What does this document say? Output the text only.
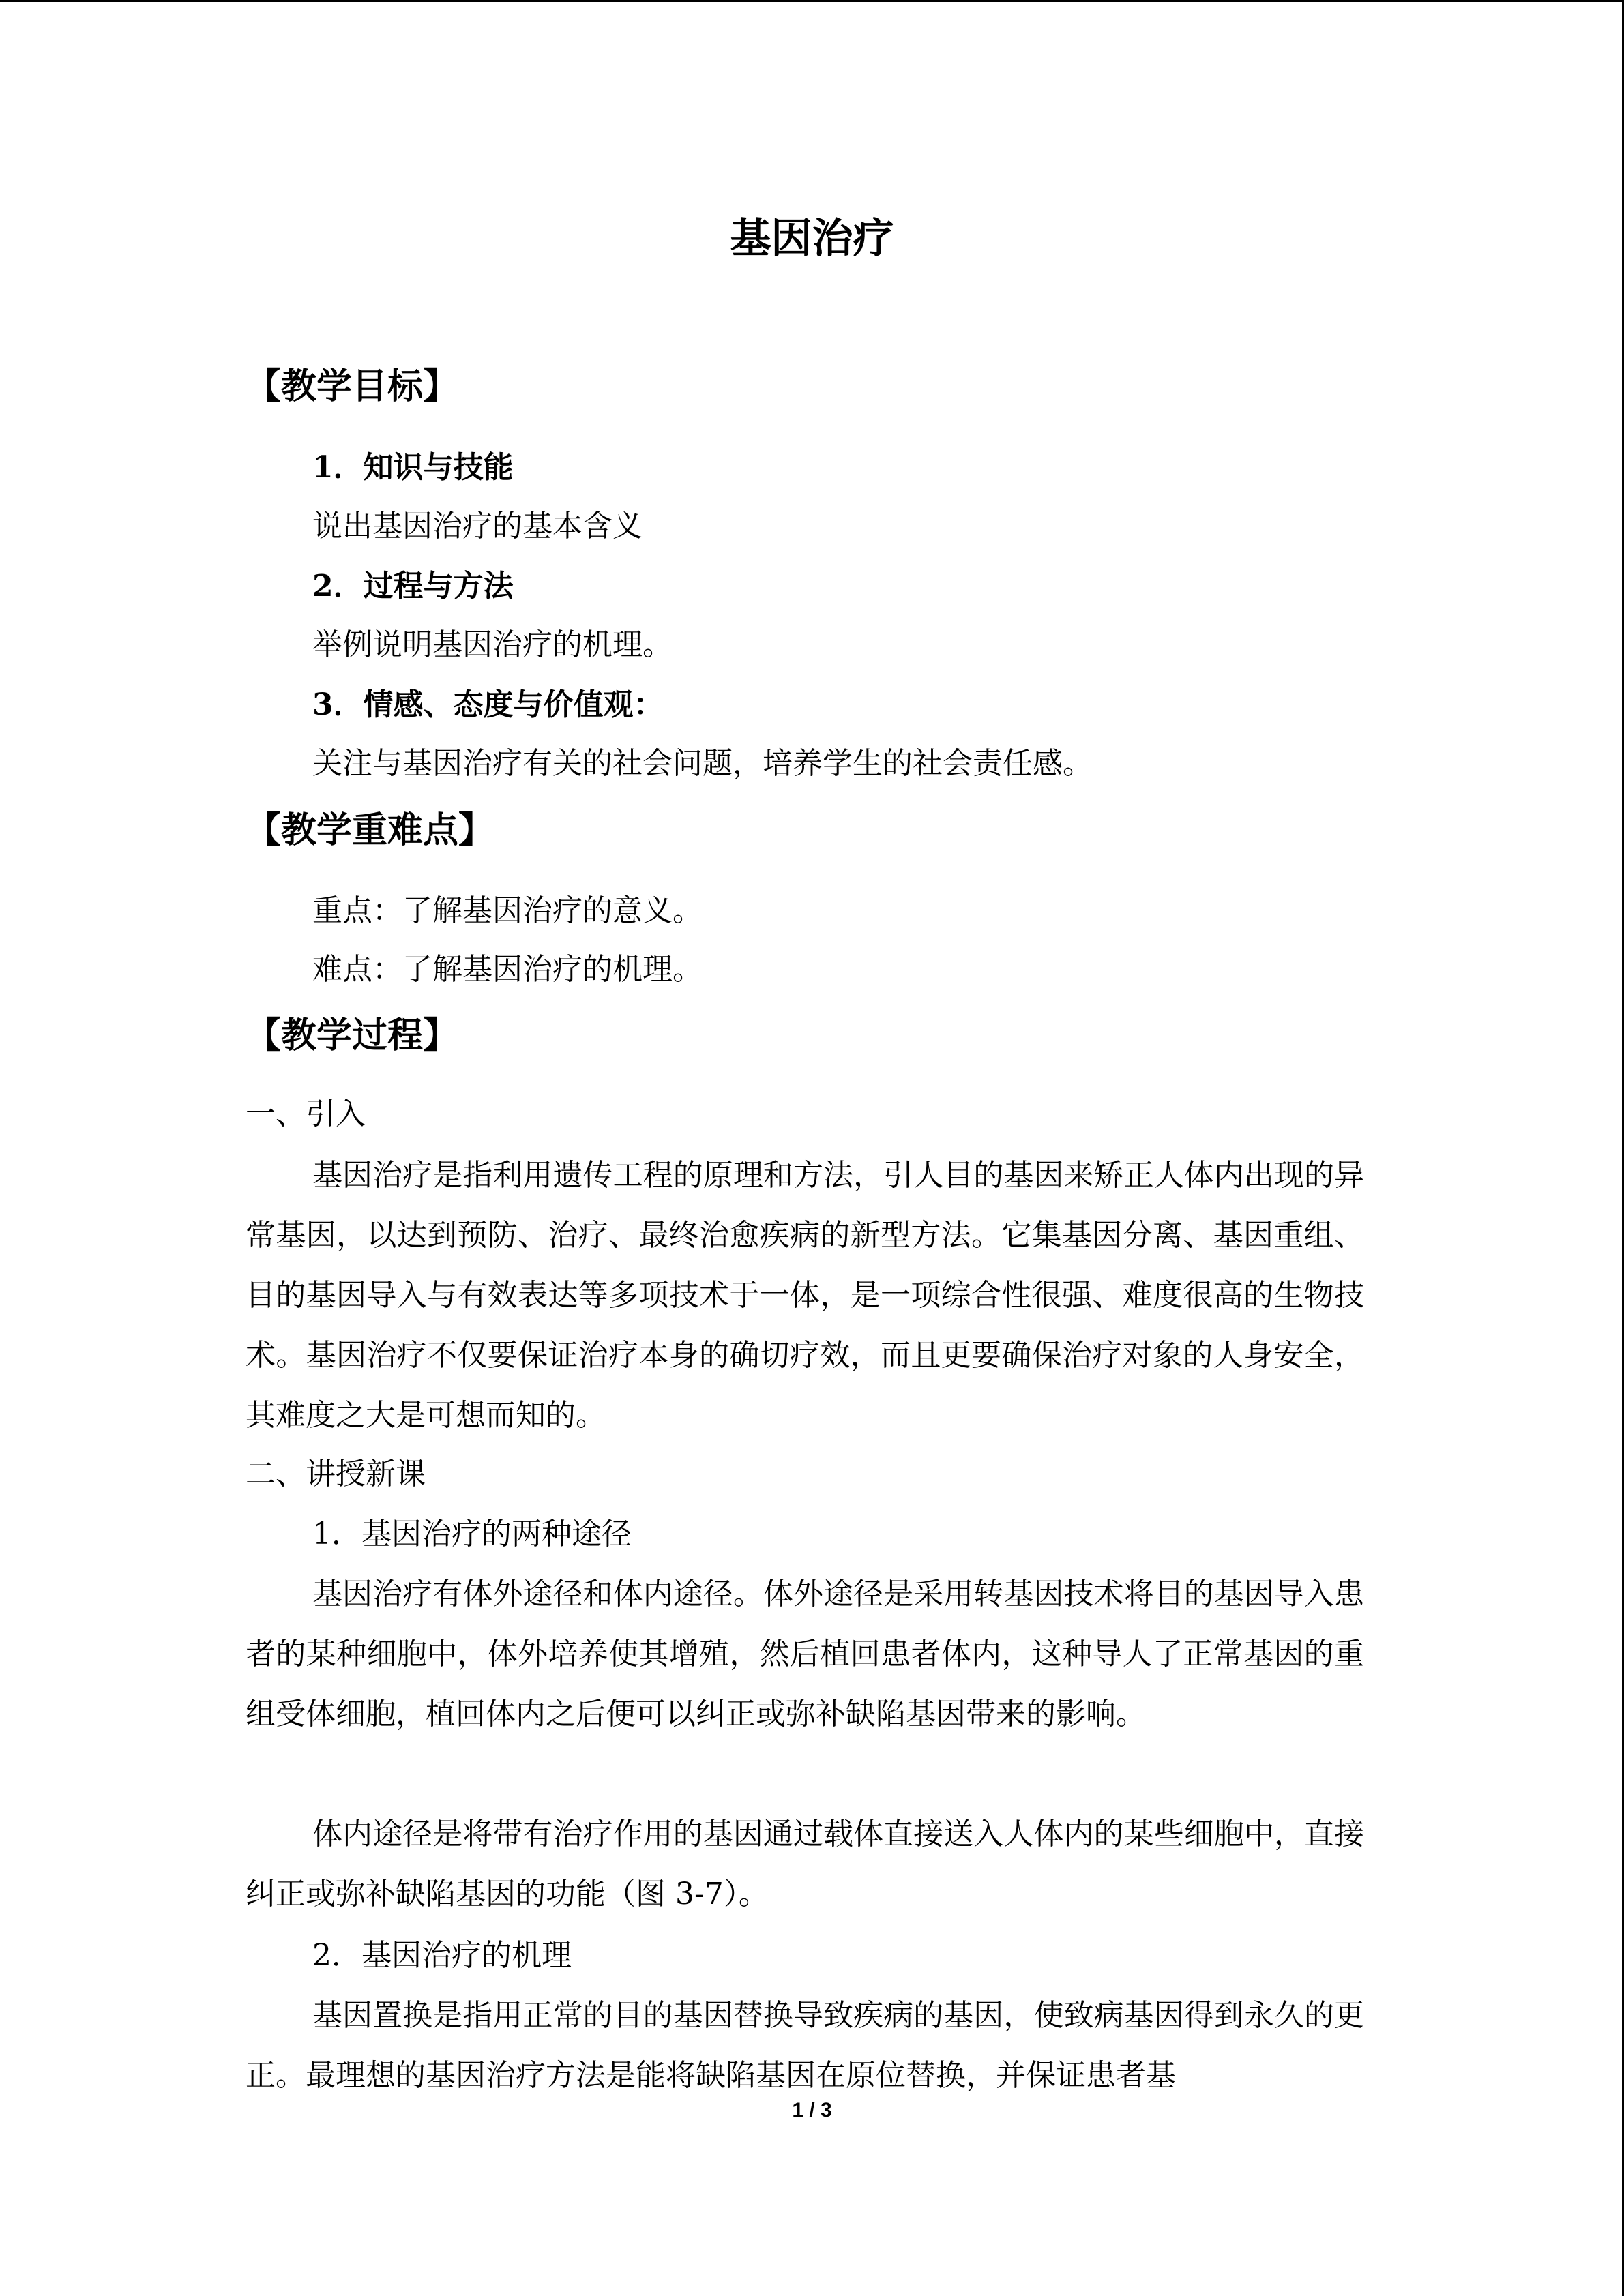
基因治疗
【教学目标】
1．知识与技能
说出基因治疗的基本含义
2．过程与方法
举例说明基因治疗的机理。
3．情感、态度与价值观：
关注与基因治疗有关的社会问题，培养学生的社会责任感。
【教学重难点】
重点：了解基因治疗的意义。
难点：了解基因治疗的机理。
【教学过程】
一、引入
基因治疗是指利用遗传工程的原理和方法，引人目的基因来矫正人体内出现的异常基因，以达到预防、治疗、最终治愈疾病的新型方法。它集基因分离、基因重组、目的基因导入与有效表达等多项技术于一体，是一项综合性很强、难度很高的生物技术。基因治疗不仅要保证治疗本身的确切疗效，而且更要确保治疗对象的人身安全，其难度之大是可想而知的。
二、讲授新课
1．基因治疗的两种途径
基因治疗有体外途径和体内途径。体外途径是采用转基因技术将目的基因导入患者的某种细胞中，体外培养使其增殖，然后植回患者体内，这种导人了正常基因的重组受体细胞，植回体内之后便可以纠正或弥补缺陷基因带来的影响。
体内途径是将带有治疗作用的基因通过载体直接送入人体内的某些细胞中，直接纠正或弥补缺陷基因的功能（图 3-7）。
2．基因治疗的机理
基因置换是指用正常的目的基因替换导致疾病的基因，使致病基因得到永久的更正。最理想的基因治疗方法是能将缺陷基因在原位替换，并保证患者基
1 / 3
